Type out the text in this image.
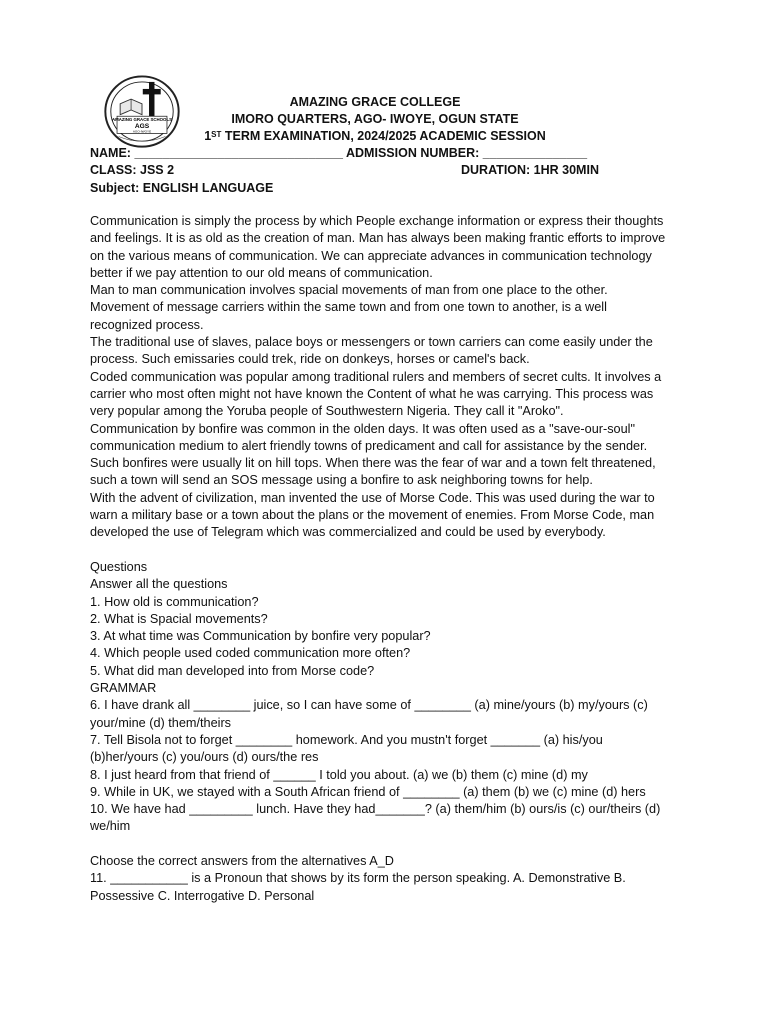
AMAZING GRACE SCHOOLS
AGS
AGO-IWOYE
AMAZING GRACE COLLEGE
IMORO QUARTERS, AGO- IWOYE, OGUN STATE
1ST TERM EXAMINATION, 2024/2025 ACADEMIC SESSION
NAME: ______________________________ ADMISSION NUMBER: _______________
CLASS: JSS 2	DURATION: 1HR 30MIN
Subject: ENGLISH LANGUAGE

Communication is simply the process by which People exchange information or express their thoughts and feelings. It is as old as the creation of man. Man has always been making frantic efforts to improve on the various means of communication. We can appreciate advances in communication technology better if we pay attention to our old means of communication.

Man to man communication involves spacial movements of man from one place to the other. Movement of message carriers within the same town and from one town to another, is a well recognized process.

The traditional use of slaves, palace boys or messengers or town carriers can come easily under the process. Such emissaries could trek, ride on donkeys, horses or camel's back.

Coded communication was popular among traditional rulers and members of secret cults. It involves a carrier who most often might not have known the Content of what he was carrying. This process was very popular among the Yoruba people of Southwestern Nigeria. They call it "Aroko".

Communication by bonfire was common in the olden days. It was often used as a "save-our-soul" communication medium to alert friendly towns of predicament and call for assistance by the sender. Such bonfires were usually lit on hill tops. When there was the fear of war and a town felt threatened, such a town will send an SOS message using a bonfire to ask neighboring towns for help.

With the advent of civilization, man invented the use of Morse Code. This was used during the war to warn a military base or a town about the plans or the movement of enemies. From Morse Code, man developed the use of Telegram which was commercialized and could be used by everybody.

Questions

Answer all the questions

1. How old is communication?

2. What is Spacial movements?

3. At what time was Communication by bonfire very popular?

4. Which people used coded communication more often?

5. What did man developed into from Morse code?

GRAMMAR

6. I have drank all ________ juice, so I can have some of ________ (a) mine/yours (b) my/yours (c) your/mine (d) them/theirs

7. Tell Bisola not to forget ________ homework. And you mustn't forget _______ (a) his/you (b)her/yours (c) you/ours (d) ours/the res

8. I just heard from that friend of ______ I told you about. (a) we (b) them (c) mine (d) my

9. While in UK, we stayed with a South African friend of ________ (a) them (b) we (c) mine (d) hers

10. We have had _________ lunch. Have they had_______? (a) them/him (b) ours/is (c) our/theirs (d) we/him

Choose the correct answers from the alternatives A_D

11. ___________ is a Pronoun that shows by its form the person speaking. A. Demonstrative B. Possessive C. Interrogative D. Personal
